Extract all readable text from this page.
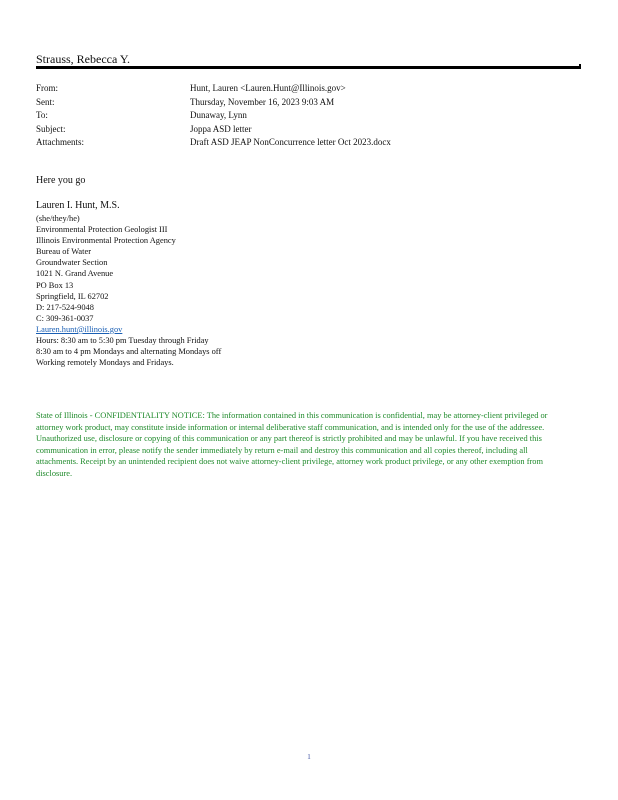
Strauss, Rebecca Y.
From:	Hunt, Lauren <Lauren.Hunt@Illinois.gov>
Sent:	Thursday, November 16, 2023 9:03 AM
To:	Dunaway, Lynn
Subject:	Joppa ASD letter
Attachments:	Draft ASD JEAP NonConcurrence letter Oct 2023.docx
Here you go
Lauren I. Hunt, M.S.
(she/they/he)
Environmental Protection Geologist III
Illinois Environmental Protection Agency
Bureau of Water
Groundwater Section
1021 N. Grand Avenue
PO Box 13
Springfield, IL 62702
D: 217-524-9048
C: 309-361-0037
Lauren.hunt@illinois.gov
Hours: 8:30 am to 5:30 pm Tuesday through Friday
8:30 am to 4 pm Mondays and alternating Mondays off
Working remotely Mondays and Fridays.
State of Illinois - CONFIDENTIALITY NOTICE: The information contained in this communication is confidential, may be attorney-client privileged or attorney work product, may constitute inside information or internal deliberative staff communication, and is intended only for the use of the addressee. Unauthorized use, disclosure or copying of this communication or any part thereof is strictly prohibited and may be unlawful. If you have received this communication in error, please notify the sender immediately by return e-mail and destroy this communication and all copies thereof, including all attachments. Receipt by an unintended recipient does not waive attorney-client privilege, attorney work product privilege, or any other exemption from disclosure.
1
